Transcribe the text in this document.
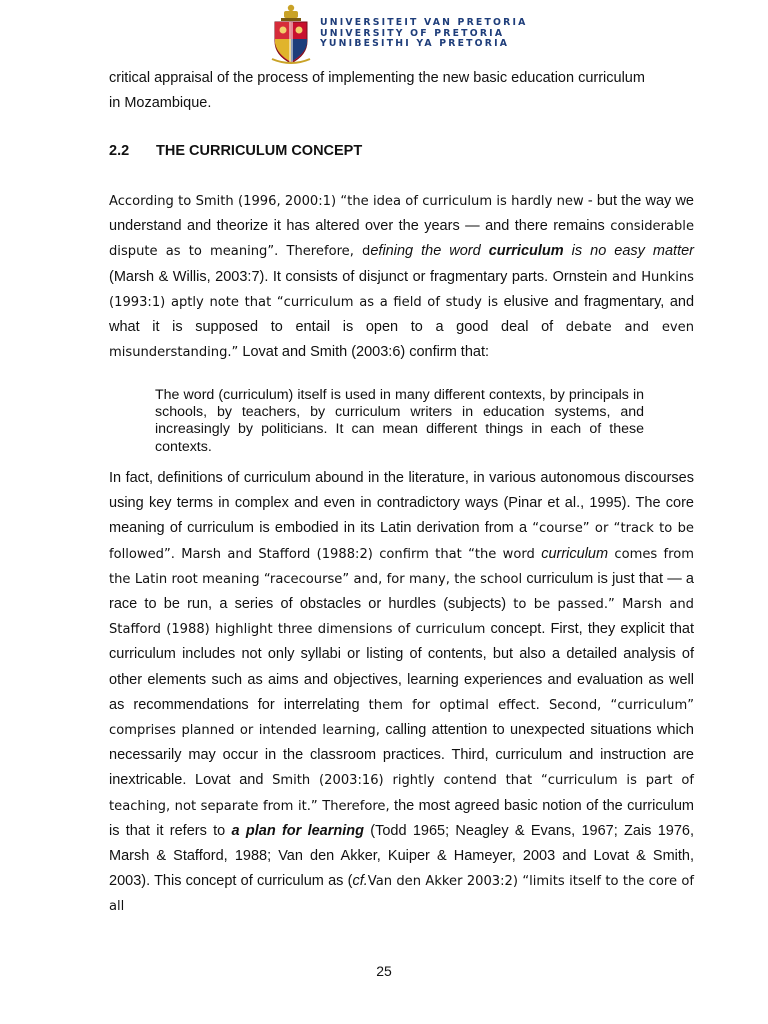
UNIVERSITEIT VAN PRETORIA
UNIVERSITY OF PRETORIA
YUNIBESITHI YA PRETORIA

critical appraisal of the process of implementing the new basic education curriculum
in Mozambique.

2.2 THE CURRICULUM CONCEPT

According to Smith (1996, 2000:1) “the idea of curriculum is hardly new - but the way we understand and theorize it has altered over the years — and there remains considerable dispute as to meaning”. Therefore, defining the word curriculum is no easy matter (Marsh & Willis, 2003:7). It consists of disjunct or fragmentary parts. Ornstein and Hunkins (1993:1) aptly note that “curriculum as a field of study is elusive and fragmentary, and what it is supposed to entail is open to a good deal of debate and even misunderstanding.” Lovat and Smith (2003:6) confirm that:

The word (curriculum) itself is used in many different contexts, by principals in schools, by teachers, by curriculum writers in education systems, and increasingly by politicians. It can mean different things in each of these contexts.

In fact, definitions of curriculum abound in the literature, in various autonomous discourses using key terms in complex and even in contradictory ways (Pinar et al., 1995). The core meaning of curriculum is embodied in its Latin derivation from a “course” or “track to be followed”. Marsh and Stafford (1988:2) confirm that “the word curriculum comes from the Latin root meaning “racecourse” and, for many, the school curriculum is just that — a race to be run, a series of obstacles or hurdles (subjects) to be passed.” Marsh and Stafford (1988) highlight three dimensions of curriculum concept. First, they explicit that curriculum includes not only syllabi or listing of contents, but also a detailed analysis of other elements such as aims and objectives, learning experiences and evaluation as well as recommendations for interrelating them for optimal effect. Second, “curriculum” comprises planned or intended learning, calling attention to unexpected situations which necessarily may occur in the classroom practices. Third, curriculum and instruction are inextricable. Lovat and Smith (2003:16) rightly contend that “curriculum is part of teaching, not separate from it.” Therefore, the most agreed basic notion of the curriculum is that it refers to a plan for learning (Todd 1965; Neagley & Evans, 1967; Zais 1976, Marsh & Stafford, 1988; Van den Akker, Kuiper & Hameyer, 2003 and Lovat & Smith, 2003). This concept of curriculum as (cf.Van den Akker 2003:2) “limits itself to the core of all

25
